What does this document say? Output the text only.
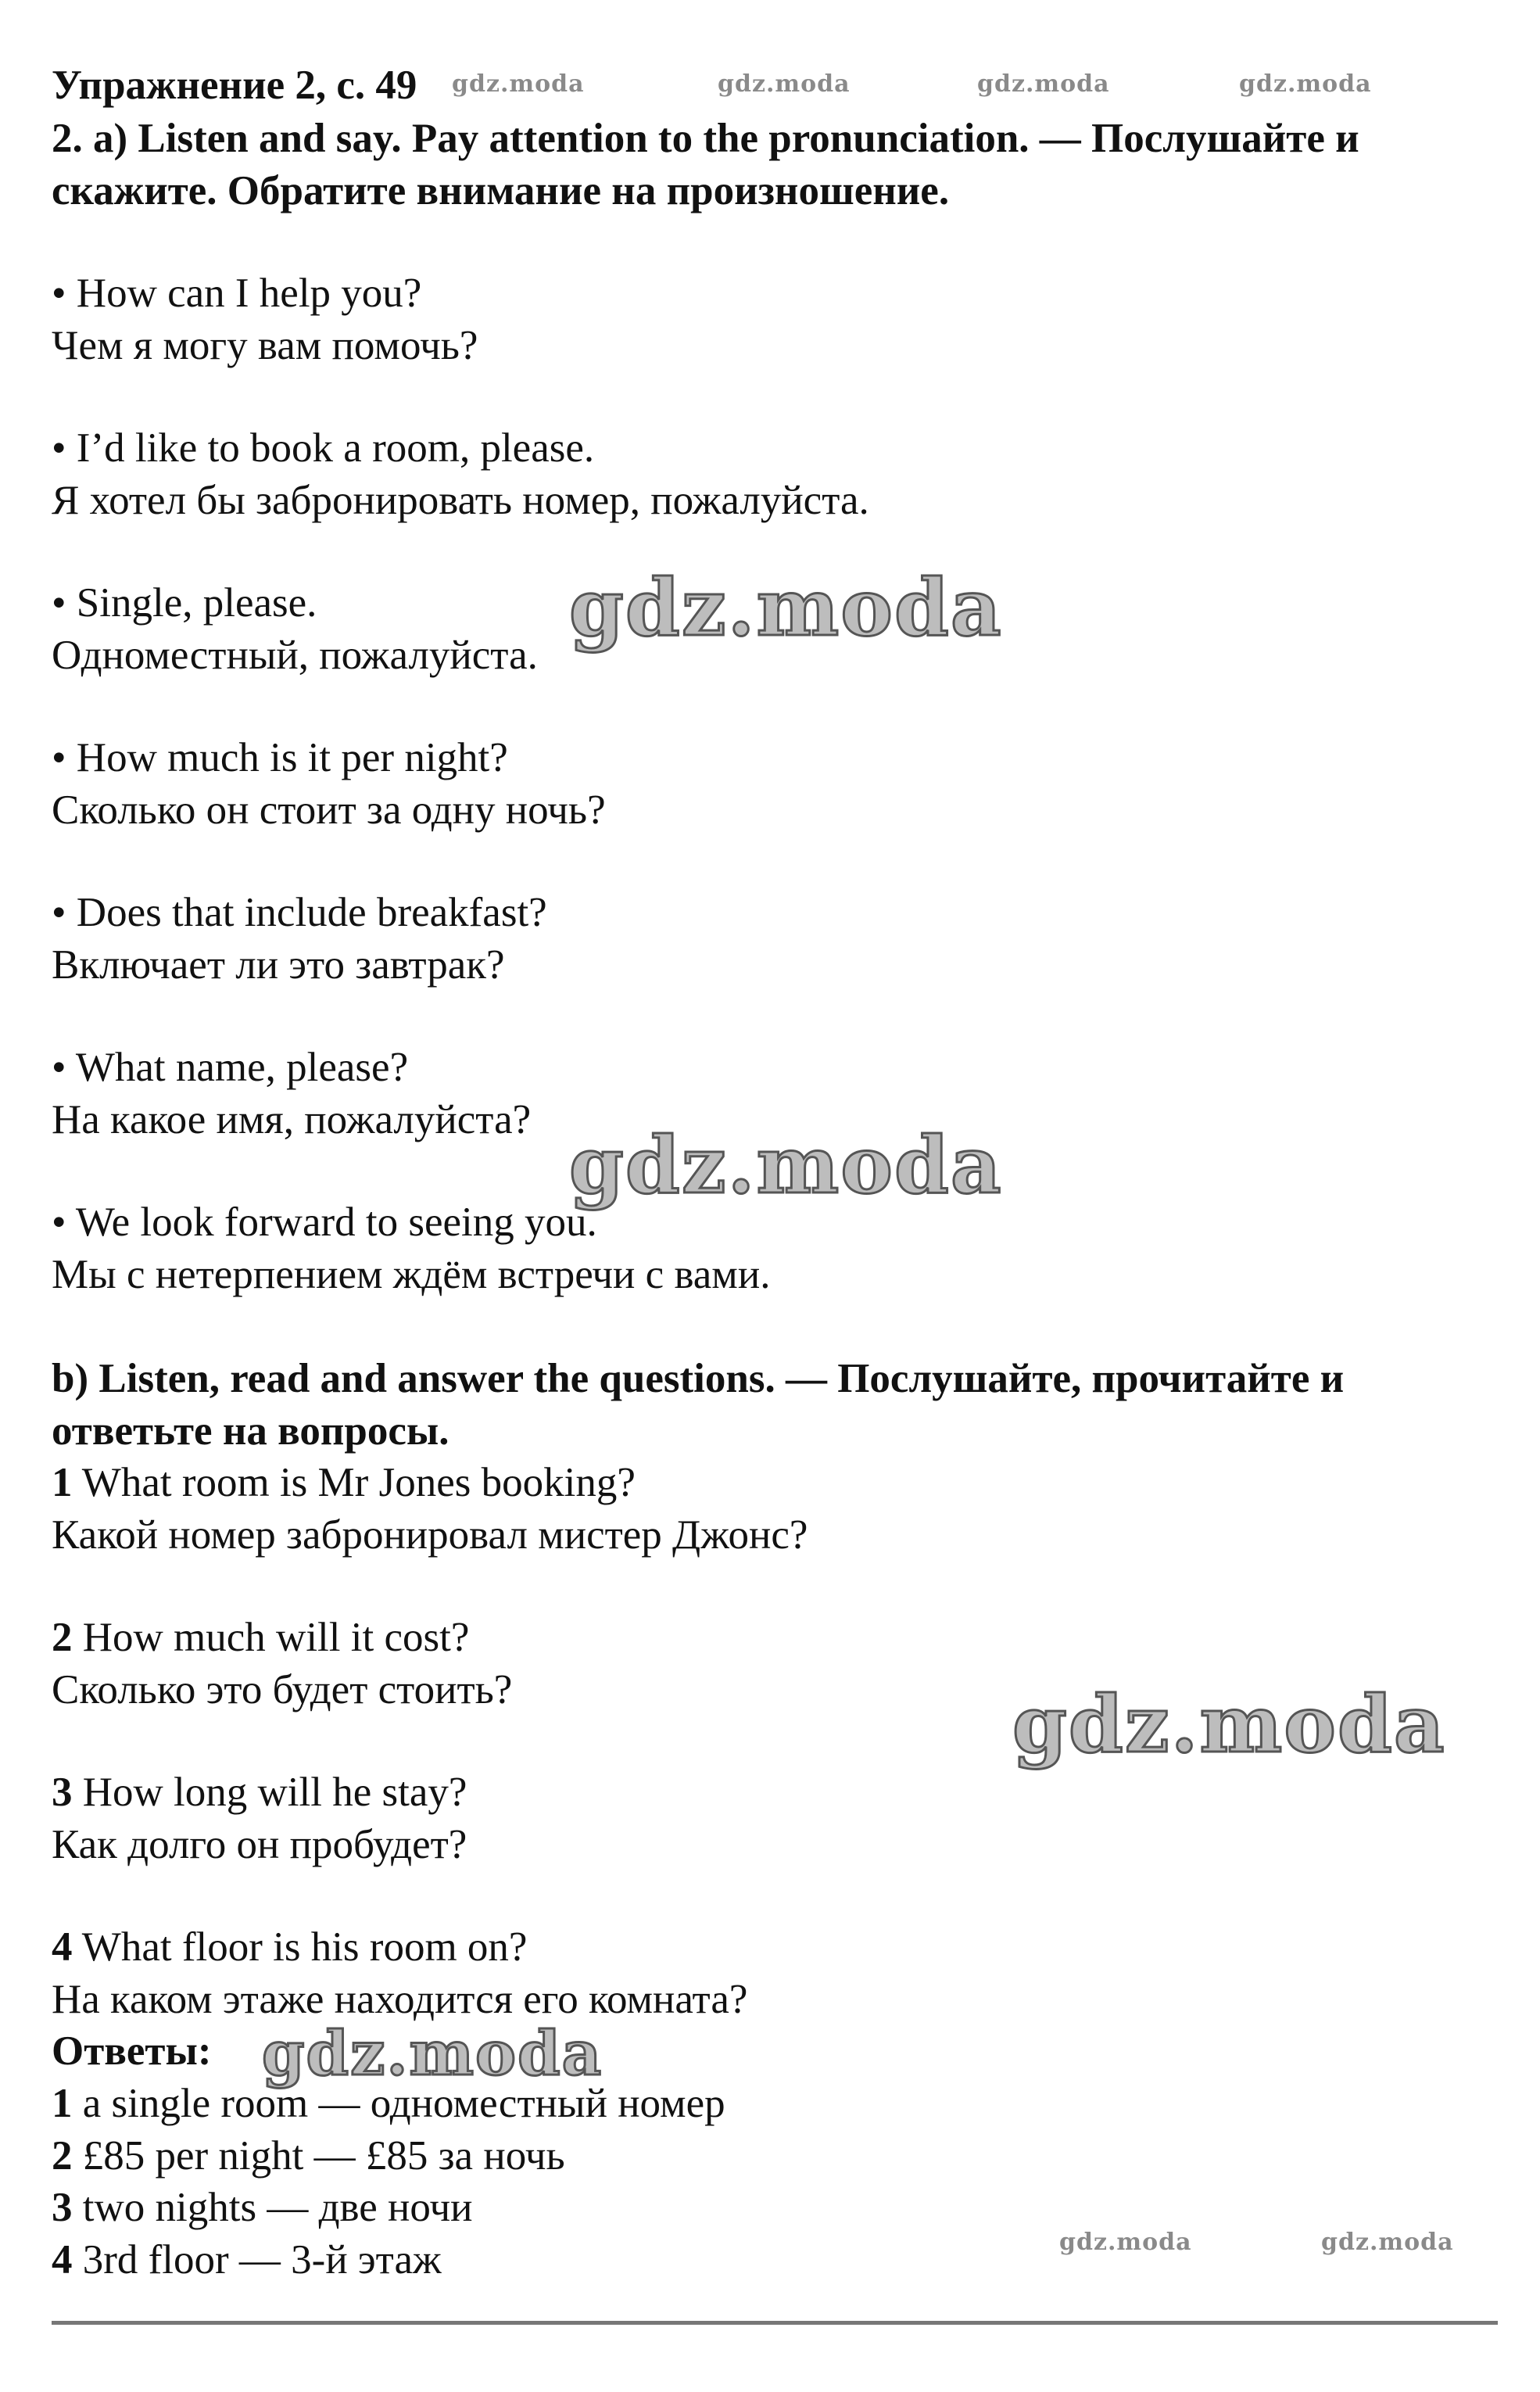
Упражнение 2, с. 49
2. a) Listen and say. Pay attention to the pronunciation. — Послушайте и
скажите. Обратите внимание на произношение.
• How can I help you?
Чем я могу вам помочь?
• I’d like to book a room, please.
Я хотел бы забронировать номер, пожалуйста.
• Single, please.
Одноместный, пожалуйста.
• How much is it per night?
Сколько он стоит за одну ночь?
• Does that include breakfast?
Включает ли это завтрак?
• What name, please?
На какое имя, пожалуйста?
• We look forward to seeing you.
Мы с нетерпением ждём встречи с вами.
b) Listen, read and answer the questions. — Послушайте, прочитайте и
ответьте на вопросы.
1 What room is Mr Jones booking?
Какой номер забронировал мистер Джонс?
2 How much will it cost?
Сколько это будет стоить?
3 How long will he stay?
Как долго он пробудет?
4 What floor is his room on?
На каком этаже находится его комната?
Ответы:
1 a single room — одноместный номер
2 £85 per night — £85 за ночь
3 two nights — две ночи
4 3rd floor — 3-й этаж
gdz.moda	gdz.moda	gdz.moda	gdz.moda
gdz.moda
gdz.moda
gdz.moda
gdz.moda
gdz.moda	gdz.moda
